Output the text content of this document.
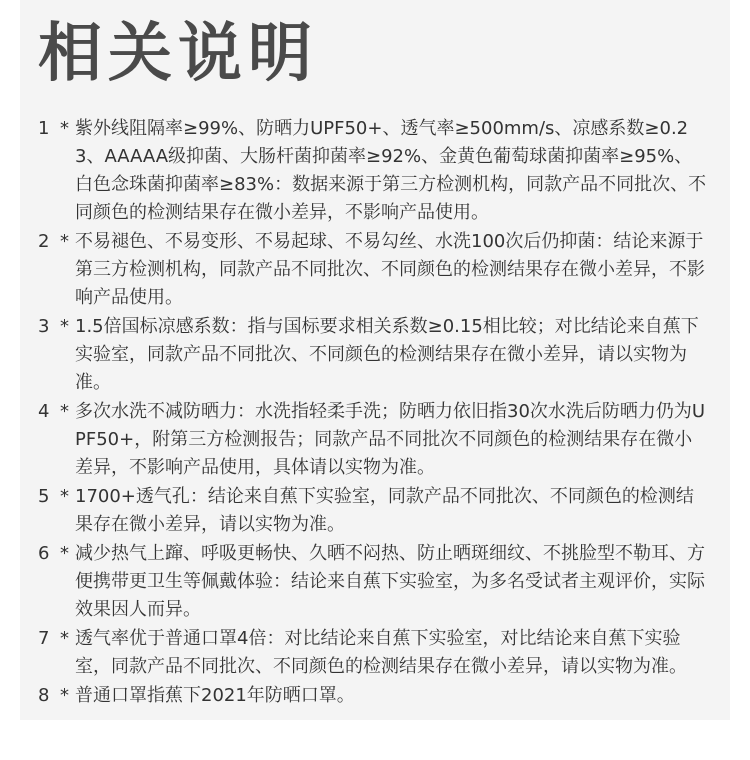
相关说明
1 * 紫外线阻隔率≥99%、防晒力UPF50+、透气率≥500mm/s、凉感系数≥0.23、AAAAA级抑菌、大肠杆菌抑菌率≥92%、金黄色葡萄球菌抑菌率≥95%、白色念珠菌抑菌率≥83%：数据来源于第三方检测机构，同款产品不同批次、不同颜色的检测结果存在微小差异，不影响产品使用。
2 * 不易褪色、不易变形、不易起球、不易勾丝、水洗100次后仍抑菌：结论来源于第三方检测机构，同款产品不同批次、不同颜色的检测结果存在微小差异，不影响产品使用。
3 * 1.5倍国标凉感系数：指与国标要求相关系数≥0.15相比较；对比结论来自蕉下实验室，同款产品不同批次、不同颜色的检测结果存在微小差异，请以实物为准。
4 * 多次水洗不减防晒力：水洗指轻柔手洗；防晒力依旧指30次水洗后防晒力仍为UPF50+，附第三方检测报告；同款产品不同批次不同颜色的检测结果存在微小差异，不影响产品使用，具体请以实物为准。
5 * 1700+透气孔：结论来自蕉下实验室，同款产品不同批次、不同颜色的检测结果存在微小差异，请以实物为准。
6 * 减少热气上蹿、呼吸更畅快、久晒不闷热、防止晒斑细纹、不挑脸型不勒耳、方便携带更卫生等佩戴体验：结论来自蕉下实验室，为多名受试者主观评价，实际效果因人而异。
7 * 透气率优于普通口罩4倍：对比结论来自蕉下实验室，对比结论来自蕉下实验室，同款产品不同批次、不同颜色的检测结果存在微小差异，请以实物为准。
8 * 普通口罩指蕉下2021年防晒口罩。
